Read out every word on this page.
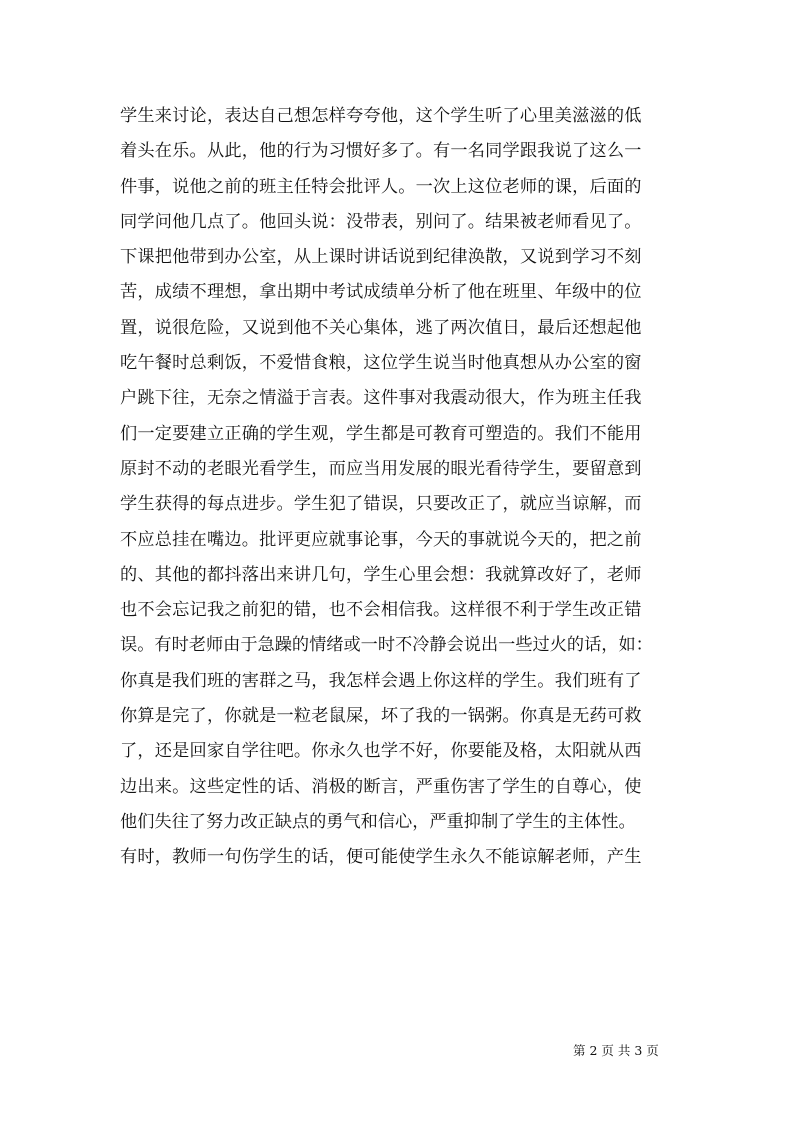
学生来讨论，表达自己想怎样夸夸他，这个学生听了心里美滋滋的低
着头在乐。从此，他的行为习惯好多了。有一名同学跟我说了这么一
件事，说他之前的班主任特会批评人。一次上这位老师的课，后面的
同学问他几点了。他回头说：没带表，别问了。结果被老师看见了。
下课把他带到办公室，从上课时讲话说到纪律涣散，又说到学习不刻
苦，成绩不理想，拿出期中考试成绩单分析了他在班里、年级中的位
置，说很危险，又说到他不关心集体，逃了两次值日，最后还想起他
吃午餐时总剩饭，不爱惜食粮，这位学生说当时他真想从办公室的窗
户跳下往，无奈之情溢于言表。这件事对我震动很大，作为班主任我
们一定要建立正确的学生观，学生都是可教育可塑造的。我们不能用
原封不动的老眼光看学生，而应当用发展的眼光看待学生，要留意到
学生获得的每点进步。学生犯了错误，只要改正了，就应当谅解，而
不应总挂在嘴边。批评更应就事论事，今天的事就说今天的，把之前
的、其他的都抖落出来讲几句，学生心里会想：我就算改好了，老师
也不会忘记我之前犯的错，也不会相信我。这样很不利于学生改正错
误。有时老师由于急躁的情绪或一时不冷静会说出一些过火的话，如：
你真是我们班的害群之马，我怎样会遇上你这样的学生。我们班有了
你算是完了，你就是一粒老鼠屎，坏了我的一锅粥。你真是无药可救
了，还是回家自学往吧。你永久也学不好，你要能及格，太阳就从西
边出来。这些定性的话、消极的断言，严重伤害了学生的自尊心，使
他们失往了努力改正缺点的勇气和信心，严重抑制了学生的主体性。
有时，教师一句伤学生的话，便可能使学生永久不能谅解老师，产生
第 2 页 共 3 页
